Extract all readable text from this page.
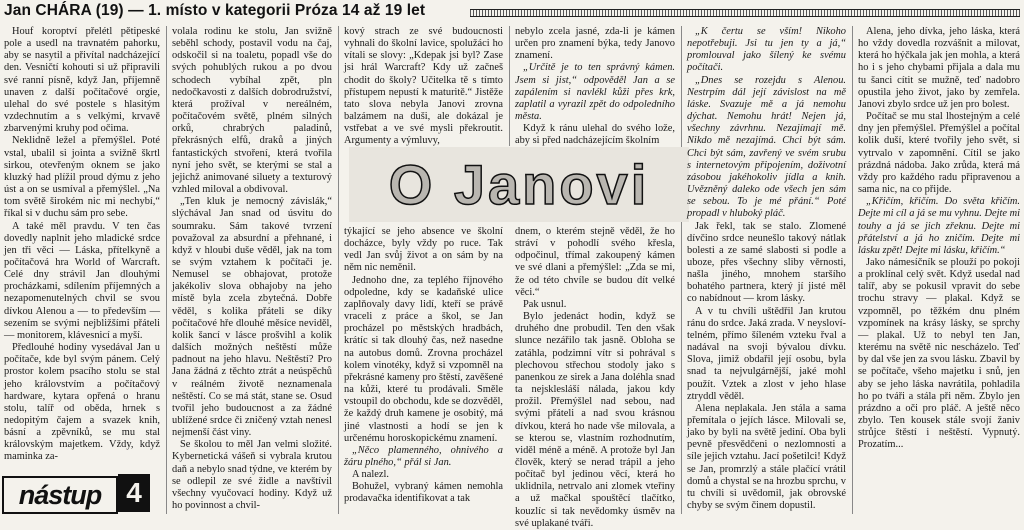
Jan CHÁRA (19) — 1. místo v kategorii Próza 14 až 19 let

Houf koroptví přelétl pětipeské pole a usedl na travnatém pahorku, aby se nasytil a přivítal nadcházející den. Vesničtí kohouti si už připravili své ranní písně, když Jan, příjemně unaven z další počítačové orgie, ulehal do své postele s hlasitým vzdechnutím a s velkými, krvavě zbarvenými kruhy pod očima.

Neklidně ležel a přemýšlel. Poté vstal, ubalil si jointa a svižně škrtl sirkou, otevřeným oknem se jako kluzký had plížil proud dýmu z jeho úst a on se usmíval a přemýšlel. „Na tom světě širokém nic mi nechybí,“ říkal si v duchu sám pro sebe.

A také měl pravdu. V ten čas dovedly naplnit jeho mladické srdce jen tři věci — Láska, přítelkyně a počítačová hra World of Warcraft. Celé dny strávil Jan dlouhými procházkami, sdílením příjemných a nezapomenutelných chvil se svou dívkou Alenou a — to především — sezením se svými nejbližšími přáteli — monitorem, klávesnicí a myší.

Předlouhé hodiny vysedával Jan u počítače, kde byl svým pánem. Celý prostor kolem psacího stolu se stal jeho královstvím a počítačový hardware, kytara opřená o hranu stolu, talíř od oběda, hrnek s nedopitým čajem a svazek knih, básní a zpěvníků, se mu stal královským majetkem. Vždy, když maminka za-

nástup 4

volala rodinu ke stolu, Jan svižně seběhl schody, postavil vodu na čaj, odskočil si na toaletu, popadl vše do svých pohublých rukou a po dvou schodech vybíhal zpět, pln nedočkavosti z dalších dobrodružství, která prožíval v nereálném, počítačovém světě, plném silných orků, chrabrých paladinů, překrásných elfů, draků a jiných fantastických stvoření, která tvořila nyní jeho svět, se kterými se stal a jejichž animované siluety a texturový vzhled miloval a obdivoval.

„Ten kluk je nemocný závislák,“ slýchával Jan snad od úsvitu do soumraku. Sám takové tvrzení považoval za absurdní a přehnané, i když v hloubi duše věděl, jak na tom se svým vztahem k počítači je. Nemusel se obhajovat, protože jakékoliv slova obhajoby na jeho místě byla zcela zbytečná. Dobře věděl, s kolika přáteli se díky počítačové hře dlouhé měsíce neviděl, kolik šancí v lásce prošvihl a kolik dalších možných neštěstí může padnout na jeho hlavu. Neštěstí? Pro Jana žádná z těchto ztrát a neúspěchů v reálném životě neznamenala neštěstí. Co se má stát, stane se. Osud tvořil jeho budoucnost a za žádné ublížené srdce či zničený vztah nenesl nejmenší část viny.

Se školou to měl Jan velmi složité. Kybernetická vášeň si vybrala krutou daň a nebylo snad týdne, ve kterém by se odlepil ze své židle a navštívil všechny vyučovací hodiny. Když už ho povinnost a chvil-

kový strach ze své budoucnosti vyhnali do školní lavice, spolužáci ho vítali se slovy: „Kdepak jsi byl? Zase jsi hrál Warcraft? Kdy už začneš chodit do školy? Učitelka tě s tímto přístupem nepustí k maturitě.“ Jistěže tato slova nebyla Janovi zrovna balzámem na duši, ale dokázal je vstřebat a ve své mysli překroutit. Argumenty a výmluvy,

nebylo zcela jasné, zda-li je kámen určen pro znamení býka, tedy Janovo znamení.

„Určitě je to ten správný kámen. Jsem si jist,“ odpověděl Jan a se zapálením si navlékl kůži přes krk, zaplatil a vyrazil zpět do odpoledního města.

Když k ránu ulehal do svého lože, aby si před nadcházejícím školním

O Janovi

týkající se jeho absence ve školní docházce, byly vždy po ruce. Tak vedl Jan svůj život a on sám by na něm nic neměnil.

Jednoho dne, za teplého říjnového odpoledne, kdy se kadaňské ulice zaplňovaly davy lidí, kteří se právě vraceli z práce a škol, se Jan procházel po městských hradbách, krátíc si tak dlouhý čas, než nasedne na autobus domů. Zrovna procházel kolem vinotéky, když si vzpomněl na překrásné kameny pro štěstí, zavěšené na kůži, které tu prodávali. Směle vstoupil do obchodu, kde se dozvěděl, že každý druh kamene je osobitý, má jiné vlastnosti a hodí se jen k určenému horoskopickému znamení.

„Něco plamenného, ohnivého a žáru plného,“ přál si Jan.

A nalezl.

Bohužel, vybraný kámen nemohla prodavačka identifikovat a tak

dnem, o kterém stejně věděl, že ho stráví v pohodlí svého křesla, odpočinul, třímal zakoupený kámen ve své dlani a přemýšlel: „Zda se mi, že od této chvíle se budou dít velké věci.“

Pak usnul.

Bylo jedenáct hodin, když se druhého dne probudil. Ten den však slunce nezářilo tak jasně. Obloha se zatáhla, podzimní vítr si pohrával s plechovou střechou stodoly jako s panenkou ze sirek a Jana doléhla snad ta nejsklesláší nálada, jakou kdy prožil. Přemýšlel nad sebou, nad svými přáteli a nad svou krásnou dívkou, která ho nade vše milovala, a se kterou se, vlastním rozhodnutím, viděl méně a méně. A protože byl Jan člověk, který se nerad trápil a jeho počítač byl jedinou věcí, která ho uklidnila, netrvalo ani zlomek vteřiny a už mačkal spouštěcí tlačítko, kouzlíc si tak nevědomky úsměv na své uplakané tváři.

„K čertu se vším! Nikoho nepotřebuji. Jsi tu jen ty a já,“ promlouval jako šílený ke svému počítači.

„Dnes se rozejdu s Alenou. Nestrpím dál její závislost na mě láske. Svazuje mě a já nemohu dýchat. Nemohu hrát! Nejen já, všechny závrhnu. Nezajímají mě. Nikdo mě nezajímá. Chci být sám. Chci být sám, zavřený ve svém srubu s internetovým připojením, doživotní zásobou jakéhokoliv jídla a knih. Uvězněný daleko ode všech jen sám se sebou. To je mé přání.“ Poté propadl v hluboký pláč.

Jak řekl, tak se stalo. Zlomené dívčino srdce neunešlo takový nátlak bolesti a ze samé slabosti si podle a uboze, přes všechny sliby věrnosti, našla jiného, mnohem staršího bohatého partnera, který jí jisté měl co nabídnout — krom lásky.

A v tu chvíli uštědřil Jan krutou ránu do srdce. Jaká zrada. V neyslovítelném, přímo šíleném vzteku řval a nadával na svoji bývalou dívku. Slova, jimiž obdařil její osobu, byla snad ta nejvulgárnější, jaké mohl použít. Vztek a zlost v jeho hlase ztryddl věděl.

Alena neplakala. Jen stála a sama přemítala o jejích lásce. Milovali se, jako by byli na světě jediní. Oba byli pevně přesvědčeni o nezlomnosti a síle jejich vztahu. Jací pošetilci! Když se Jan, promrzlý a stále plačící vrátil domů a chystal se na hrozbu sprchu, v tu chvíli si uvědomil, jak obrovské chyby se svým činem dopustil.

Alena, jeho dívka, jeho láska, která ho vždy dovedla rozvášnit a milovat, která ho hýčkala jak jen mohla, a která ho i s jeho chybami přijala a dala mu tu šanci cítit se mužně, teď nadobro opustila jeho život, jako by zemřela. Janovi zbylo srdce už jen pro bolest.

Počítač se mu stal lhostejným a celé dny jen přemýšlel. Přemýšlel a počítal kolik duší, které tvořily jeho svět, si vytrvalo v zapomnění. Cítil se jako prázdná nádoba. Jako zrůda, která má vždy pro každého radu připravenou a sama nic, na co přijde.

„Křičím, křičím. Do světa křičím. Dejte mi cíl a já se mu vyhnu. Dejte mi touhy a já se jich zřeknu. Dejte mi přátelství a já ho zničím. Dejte mi lásku zpět! Dejte mi lásku, křičím.“

Jako námesíčník se plouží po pokoji a proklínal celý svět. Když usedal nad talíř, aby se pokusil vpravit do sebe trochu stravy — plakal. Když se vzpomněl, po těžkém dnu plném vzpomínek na krásy lásky, se sprchy — plakal. Už to nebyl ten Jan, kterému na světě nic nescházelo. Teď by dal vše jen za svou lásku. Zbavil by se počítače, všeho majetku i snů, jen aby se jeho láska navrátila, pohladila ho po tváři a stála při něm. Zbylo jen prázdno a oči pro pláč. A ještě něco zbylo. Ten kousek stále svojí žaniv strůjce štěstí i neštěstí. Vypnutý. Prozatím...
